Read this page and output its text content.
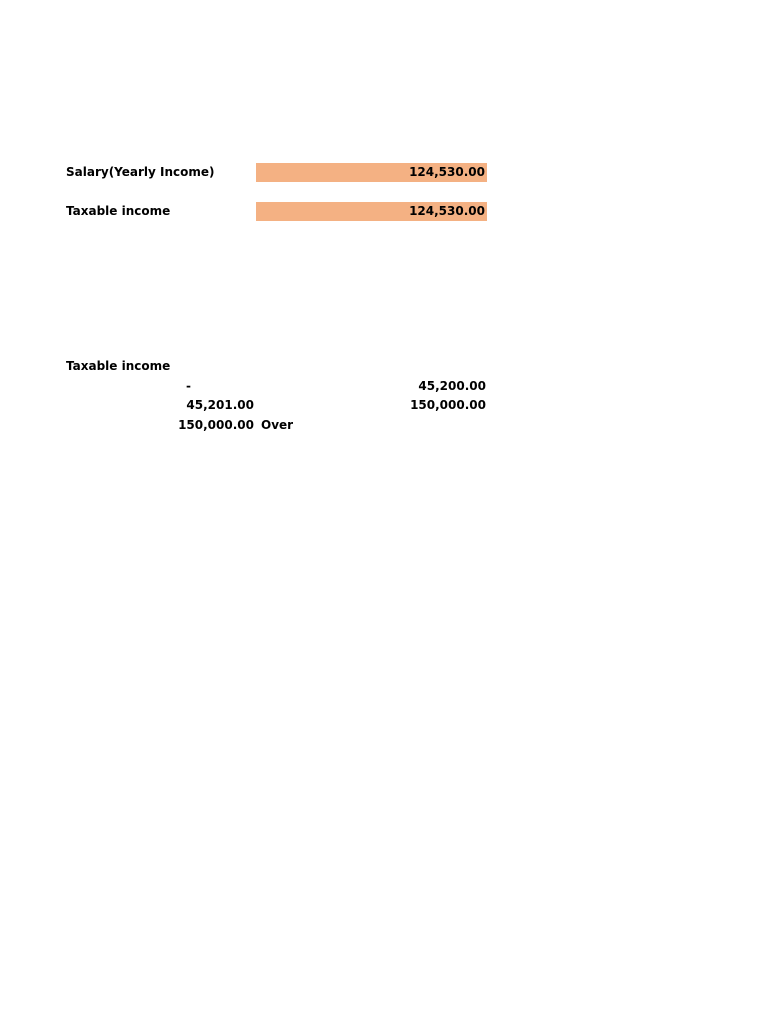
Salary(Yearly Income)	124,530.00
Taxable income	124,530.00
Taxable income
-	45,200.00
45,201.00	150,000.00
150,000.00 Over
